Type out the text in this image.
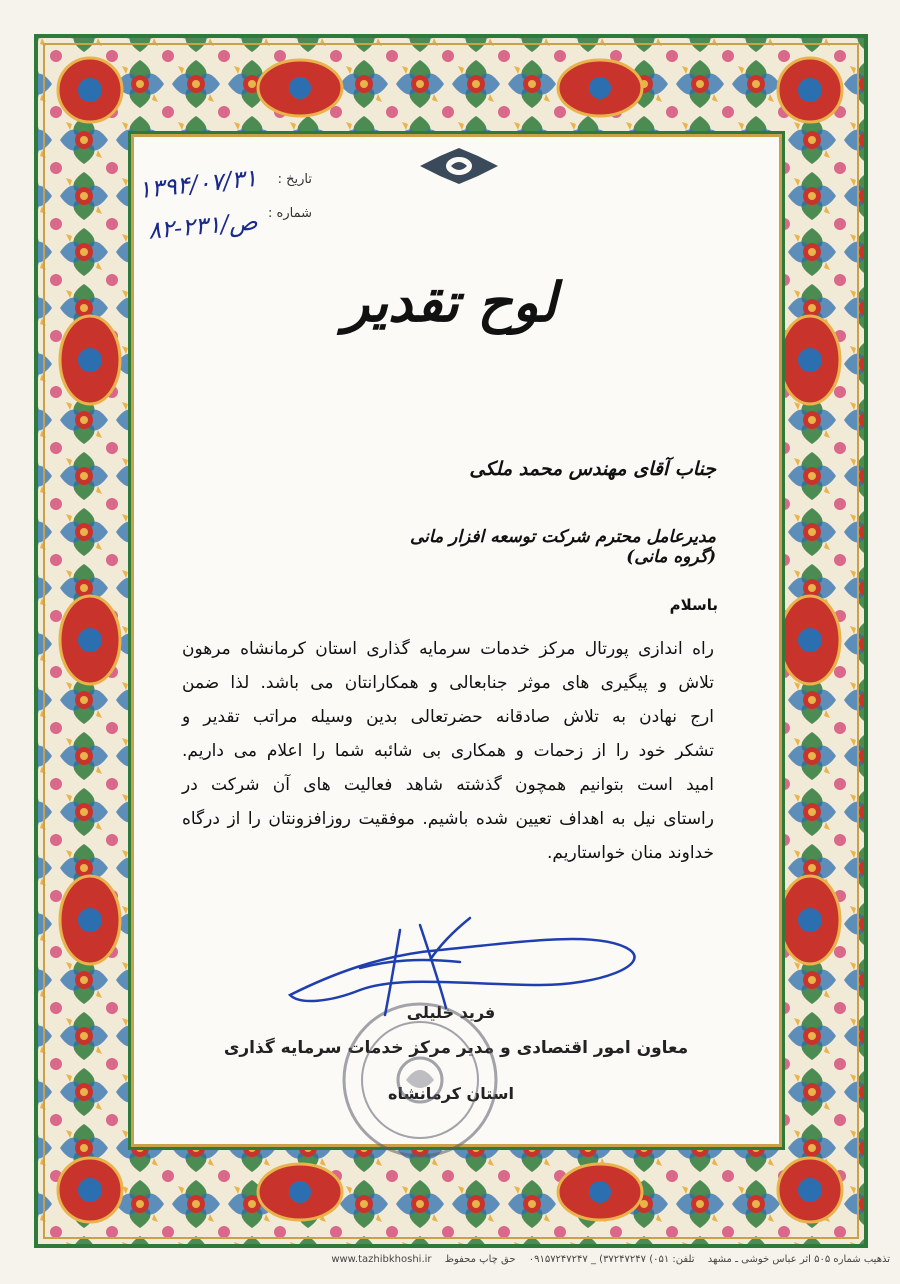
تاریخ :
۱۳۹۴/۰۷/۳۱
شماره :
۸۲-۲۳۱/ص
لوح تقدیر
جناب آقای مهندس محمد ملکی
مدیرعامل محترم شرکت توسعه افزار مانی (گروه مانی)
باسلام
راه اندازی پورتال مرکز خدمات سرمایه گذاری استان کرمانشاه مرهون
تلاش و پیگیری های موثر جنابعالی و همکارانتان می باشد. لذا ضمن
ارج نهادن به تلاش صادقانه حضرتعالی بدین وسیله مراتب تقدیر و
تشکر خود را از زحمات و همکاری بی شائبه شما را اعلام می داریم.
امید است بتوانیم همچون گذشته شاهد فعالیت های آن شرکت در
راستای نیل به اهداف تعیین شده باشیم. موفقیت روزافزونتان را از درگاه
خداوند منان خواستاریم.
فرید خلیلی
معاون امور اقتصادی و مدیر مرکز خدمات سرمایه گذاری
استان کرمانشاه
تذهیب شماره ۵۰۵ اثر عباس خوشی ـ مشهد تلفن: ۰۵۱) ۳۷۲۴۷۲۴۷) _ ۰۹۱۵۷۲۴۷۲۴۷ حق چاپ محفوظ www.tazhibkhoshi.ir
